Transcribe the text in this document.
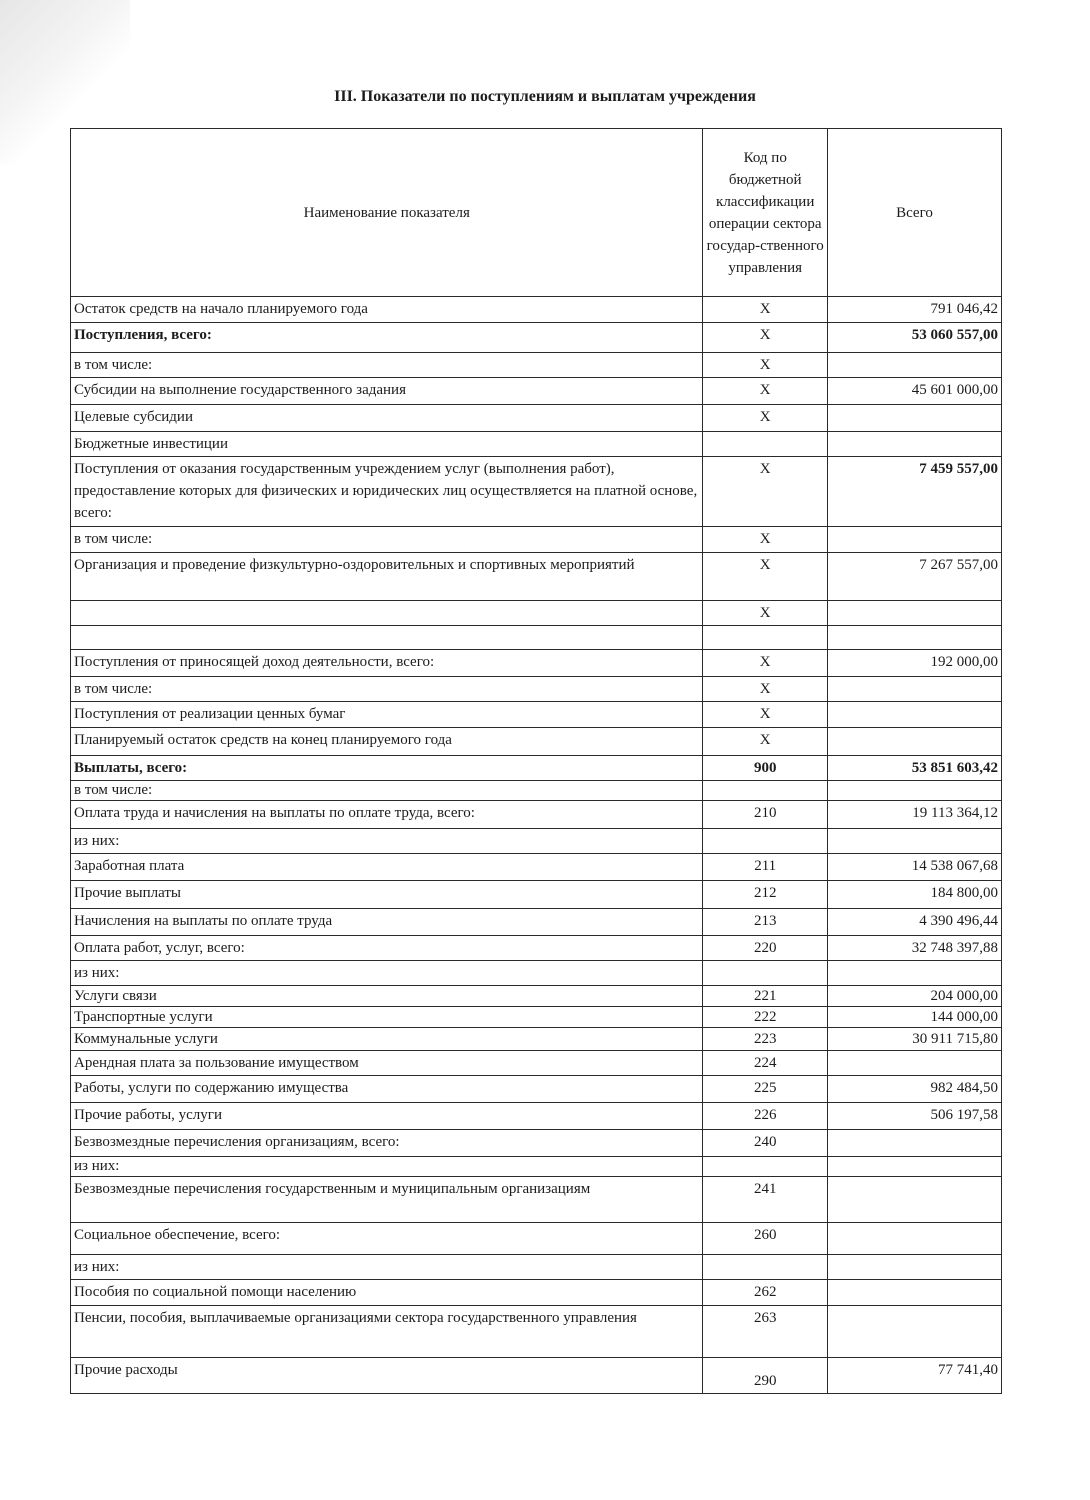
III. Показатели по поступлениям и выплатам учреждения
Наименование показателя	Код по бюджетной классификации операции сектора государ-ственного управления	Всего
Остаток средств на начало планируемого года	Х	791 046,42
Поступления, всего:	Х	53 060 557,00
в том числе:	Х	
Субсидии на выполнение государственного задания	Х	45 601 000,00
Целевые субсидии	Х	
Бюджетные инвестиции		
Поступления от оказания государственным учреждением услуг (выполнения работ), предоставление которых для физических и юридических лиц осуществляется на платной основе, всего:	Х	7 459 557,00
в том числе:	Х	
Организация и проведение физкультурно-оздоровительных и спортивных мероприятий	Х	7 267 557,00
	Х	

Поступления от приносящей доход деятельности, всего:	Х	192 000,00
в том числе:	Х	
Поступления от реализации ценных бумаг	Х	
Планируемый остаток средств на конец планируемого года	Х	
Выплаты, всего:	900	53 851 603,42
в том числе:		
Оплата труда и начисления на выплаты по оплате труда, всего:	210	19 113 364,12
из них:		
Заработная плата	211	14 538 067,68
Прочие выплаты	212	184 800,00
Начисления на выплаты по оплате труда	213	4 390 496,44
Оплата работ, услуг, всего:	220	32 748 397,88
из них:		
Услуги связи	221	204 000,00
Транспортные услуги	222	144 000,00
Коммунальные услуги	223	30 911 715,80
Арендная плата за пользование имуществом	224	
Работы, услуги по содержанию имущества	225	982 484,50
Прочие работы, услуги	226	506 197,58
Безвозмездные перечисления организациям, всего:	240	
из них:		
Безвозмездные перечисления государственным и муниципальным организациям	241	
Социальное обеспечение, всего:	260	
из них:		
Пособия по социальной помощи населению	262	
Пенсии, пособия, выплачиваемые организациями сектора государственного управления	263	
Прочие расходы	290	77 741,40
